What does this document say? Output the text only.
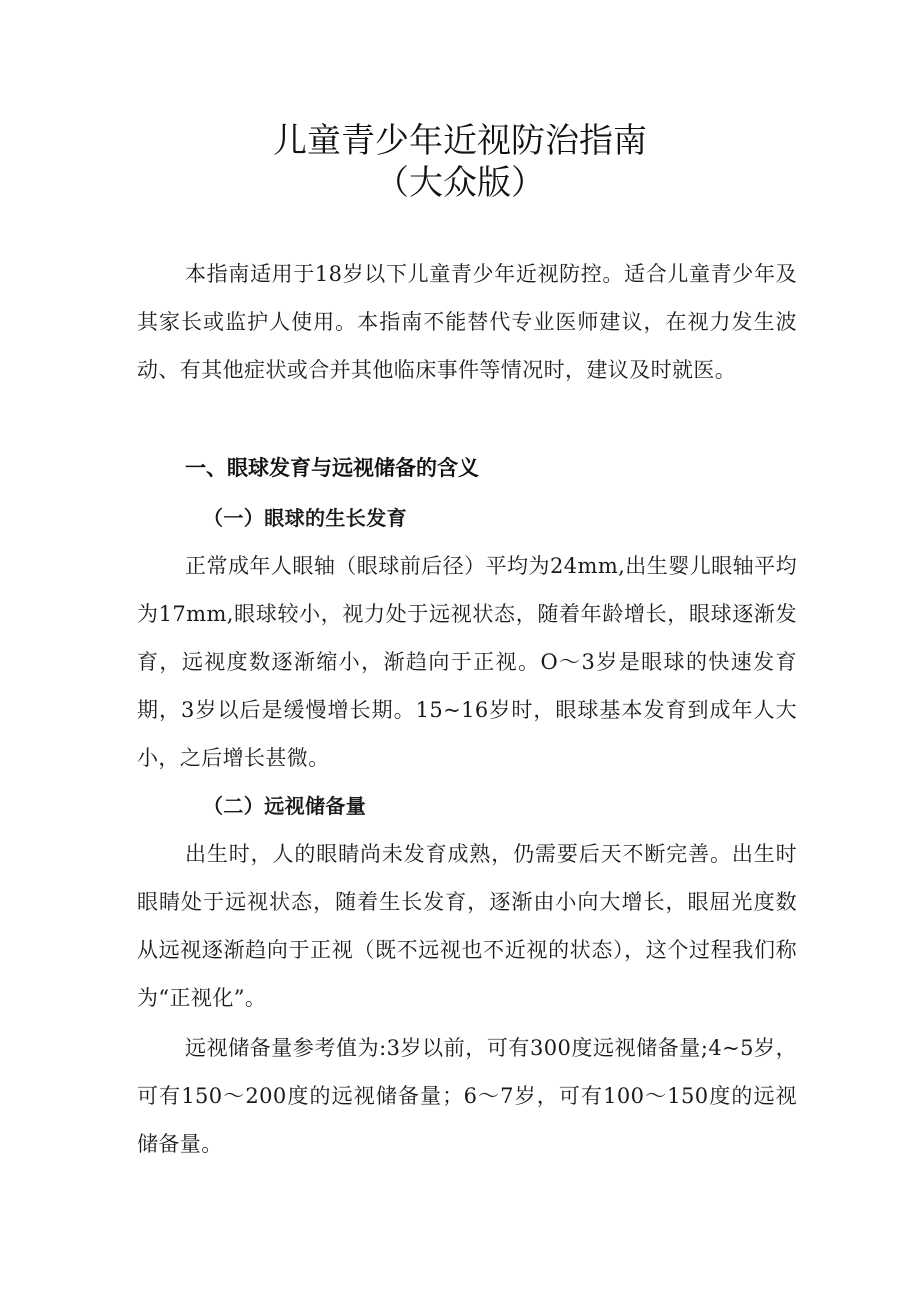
儿童青少年近视防治指南
（大众版）

本指南适用于18岁以下儿童青少年近视防控。适合儿童青少年及其家长或监护人使用。本指南不能替代专业医师建议，在视力发生波动、有其他症状或合并其他临床事件等情况时，建议及时就医。

一、眼球发育与远视储备的含义
（一）眼球的生长发育

正常成年人眼轴（眼球前后径）平均为24mm,出生婴儿眼轴平均为17mm,眼球较小，视力处于远视状态，随着年龄增长，眼球逐渐发育，远视度数逐渐缩小，渐趋向于正视。O～3岁是眼球的快速发育期，3岁以后是缓慢增长期。15~16岁时，眼球基本发育到成年人大小，之后增长甚微。

（二）远视储备量

出生时，人的眼睛尚未发育成熟，仍需要后天不断完善。出生时眼睛处于远视状态，随着生长发育，逐渐由小向大增长，眼屈光度数从远视逐渐趋向于正视（既不远视也不近视的状态），这个过程我们称为“正视化”。

远视储备量参考值为:3岁以前，可有300度远视储备量;4~5岁，可有150～200度的远视储备量；6～7岁，可有100～150度的远视储备量。
